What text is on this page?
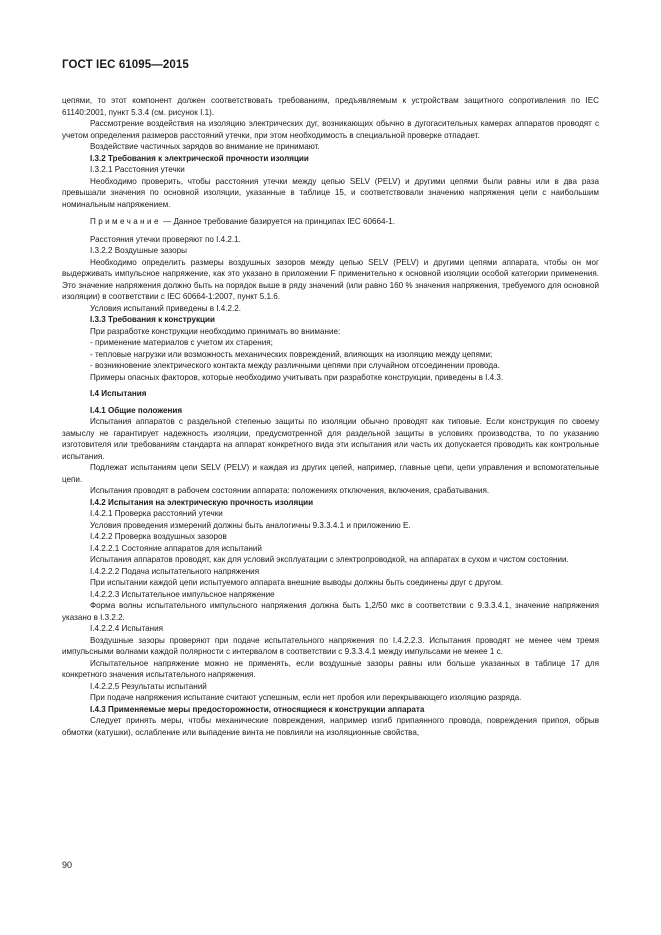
ГОСТ IEC 61095—2015

цепями, то этот компонент должен соответствовать требованиям, предъявляемым к устройствам защитного сопротивления по IEC 61140:2001, пункт 5.3.4 (см. рисунок I.1).

Рассмотрение воздействия на изоляцию электрических дуг, возникающих обычно в дугогасительных камерах аппаратов проводят с учетом определения размеров расстояний утечки, при этом необходимость в специальной проверке отпадает.

Воздействие частичных зарядов во внимание не принимают.

I.3.2 Требования к электрической прочности изоляции

I.3.2.1 Расстояния утечки

Необходимо проверить, чтобы расстояния утечки между цепью SELV (PELV) и другими цепями были равны или в два раза превышали значения по основной изоляции, указанные в таблице 15, и соответствовали значению напряжения цепи с наибольшим номинальным напряжением.

Примечание — Данное требование базируется на принципах IEC 60664-1.

Расстояния утечки проверяют по I.4.2.1.

I.3.2.2 Воздушные зазоры

Необходимо определить размеры воздушных зазоров между цепью SELV (PELV) и другими цепями аппарата, чтобы он мог выдерживать импульсное напряжение, как это указано в приложении F применительно к основной изоляции особой категории применения. Это значение напряжения должно быть на порядок выше в ряду значений (или равно 160 % значения напряжения, требуемого для основной изоляции) в соответствии с IEC 60664-1:2007, пункт 5.1.6.

Условия испытаний приведены в I.4.2.2.

I.3.3 Требования к конструкции

При разработке конструкции необходимо принимать во внимание:

- применение материалов с учетом их старения;

- тепловые нагрузки или возможность механических повреждений, влияющих на изоляцию между цепями;

- возникновение электрического контакта между различными цепями при случайном отсоединении провода.

Примеры опасных факторов, которые необходимо учитывать при разработке конструкции, приведены в I.4.3.

I.4 Испытания

I.4.1 Общие положения

Испытания аппаратов с раздельной степенью защиты по изоляции обычно проводят как типовые. Если конструкция по своему замыслу не гарантирует надежность изоляции, предусмотренной для раздельной защиты в условиях производства, то по указанию изготовителя или требованиям стандарта на аппарат конкретного вида эти испытания или часть их допускается проводить как контрольные испытания.

Подлежат испытаниям цепи SELV (PELV) и каждая из других цепей, например, главные цепи, цепи управления и вспомогательные цепи.

Испытания проводят в рабочем состоянии аппарата: положениях отключения, включения, срабатывания.

I.4.2 Испытания на электрическую прочность изоляции

I.4.2.1 Проверка расстояний утечки

Условия проведения измерений должны быть аналогичны 9.3.3.4.1 и приложению E.

I.4.2.2 Проверка воздушных зазоров

I.4.2.2.1 Состояние аппаратов для испытаний

Испытания аппаратов проводят, как для условий эксплуатации с электропроводкой, на аппаратах в сухом и чистом состоянии.

I.4.2.2.2 Подача испытательного напряжения

При испытании каждой цепи испытуемого аппарата внешние выводы должны быть соединены друг с другом.

I.4.2.2.3 Испытательное импульсное напряжение

Форма волны испытательного импульсного напряжения должна быть 1,2/50 мкс в соответствии с 9.3.3.4.1, значение напряжения указано в I.3.2.2.

I.4.2.2.4 Испытания

Воздушные зазоры проверяют при подаче испытательного напряжения по I.4.2.2.3. Испытания проводят не менее чем тремя импульсными волнами каждой полярности с интервалом в соответствии с 9.3.3.4.1 между импульсами не менее 1 с.

Испытательное напряжение можно не применять, если воздушные зазоры равны или больше указанных в таблице 17 для конкретного значения испытательного напряжения.

I.4.2.2.5 Результаты испытаний

При подаче напряжения испытание считают успешным, если нет пробоя или перекрывающего изоляцию разряда.

I.4.3 Применяемые меры предосторожности, относящиеся к конструкции аппарата

Следует принять меры, чтобы механические повреждения, например изгиб припаянного провода, повреждения припоя, обрыв обмотки (катушки), ослабление или выпадение винта не повлияли на изоляционные свойства,

90
